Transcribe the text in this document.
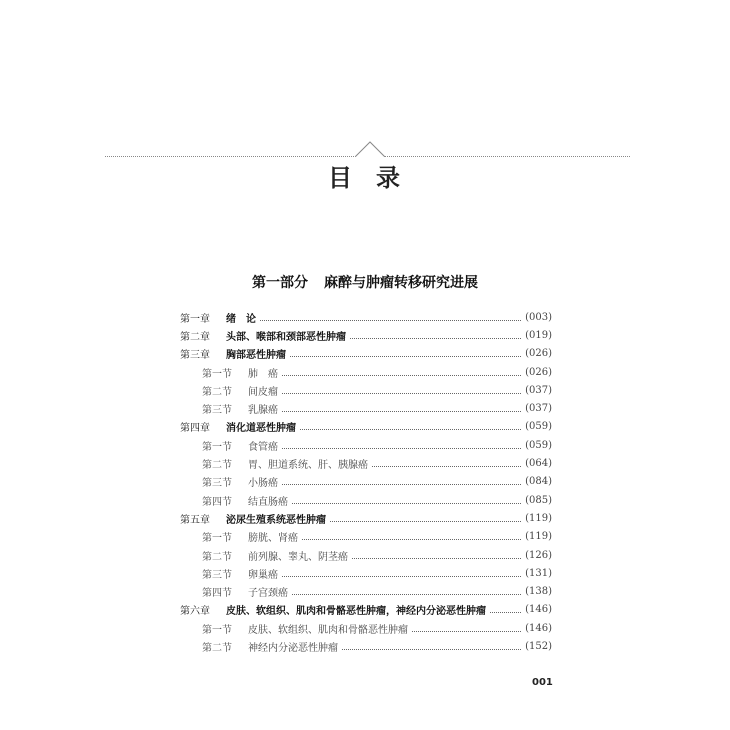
目录
第一部分 麻醉与肿瘤转移研究进展
第一章	绪　论	(003)
第二章	头部、喉部和颈部恶性肿瘤	(019)
第三章	胸部恶性肿瘤	(026)
第一节	肺　癌	(026)
第二节	间皮瘤	(037)
第三节	乳腺癌	(037)
第四章	消化道恶性肿瘤	(059)
第一节	食管癌	(059)
第二节	胃、胆道系统、肝、胰腺癌	(064)
第三节	小肠癌	(084)
第四节	结直肠癌	(085)
第五章	泌尿生殖系统恶性肿瘤	(119)
第一节	膀胱、肾癌	(119)
第二节	前列腺、睾丸、阴茎癌	(126)
第三节	卵巢癌	(131)
第四节	子宫颈癌	(138)
第六章	皮肤、软组织、肌肉和骨骼恶性肿瘤，神经内分泌恶性肿瘤	(146)
第一节	皮肤、软组织、肌肉和骨骼恶性肿瘤	(146)
第二节	神经内分泌恶性肿瘤	(152)
001
